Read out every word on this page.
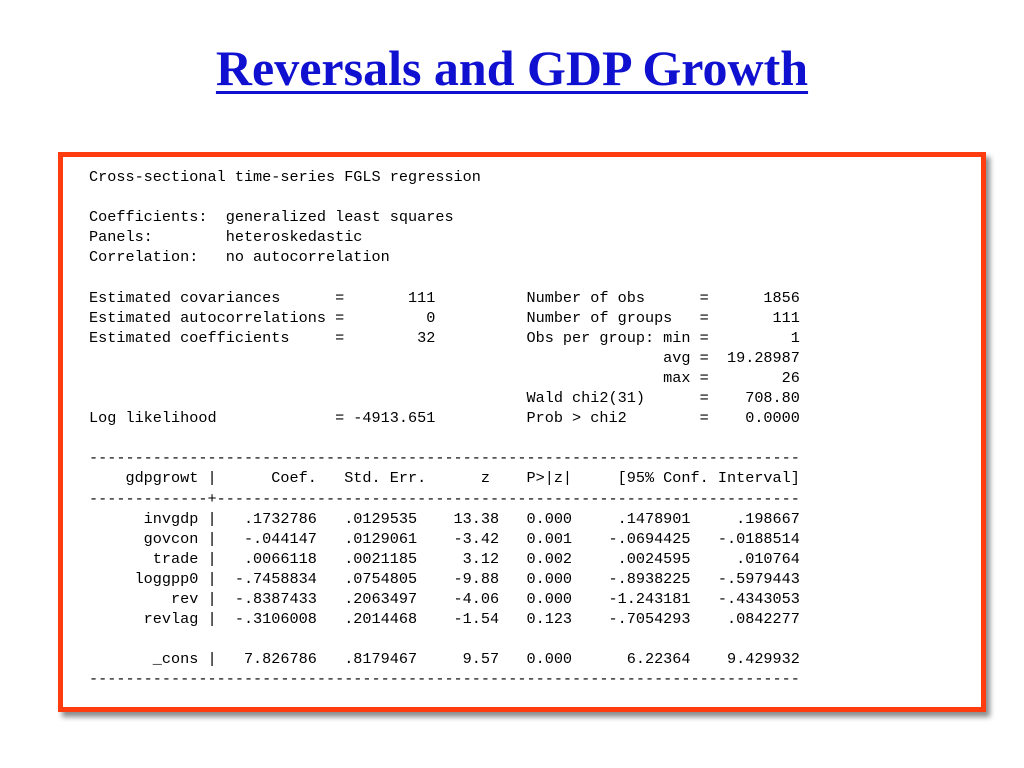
Reversals and GDP Growth
Cross-sectional time-series FGLS regression
Coefficients:  generalized least squares
Panels:        heteroskedastic
Correlation:   no autocorrelation
Estimated covariances      =       111          Number of obs      =      1856
Estimated autocorrelations =         0          Number of groups   =       111
Estimated coefficients     =        32          Obs per group: min =         1
avg =  19.28987
max =        26
Wald chi2(31)      =    708.80
Log likelihood             = -4913.651          Prob > chi2        =    0.0000
------------------------------------------------------------------------------
gdpgrowt |      Coef.   Std. Err.      z    P>|z|     [95% Conf. Interval]
-------------+----------------------------------------------------------------
invgdp |   .1732786   .0129535    13.38   0.000     .1478901     .198667
govcon |   -.044147   .0129061    -3.42   0.001    -.0694425   -.0188514
trade |   .0066118   .0021185     3.12   0.002     .0024595     .010764
loggpp0 |  -.7458834   .0754805    -9.88   0.000    -.8938225   -.5979443
rev |  -.8387433   .2063497    -4.06   0.000    -1.243181   -.4343053
revlag |  -.3106008   .2014468    -1.54   0.123    -.7054293    .0842277
_cons |   7.826786   .8179467     9.57   0.000      6.22364    9.429932
------------------------------------------------------------------------------
